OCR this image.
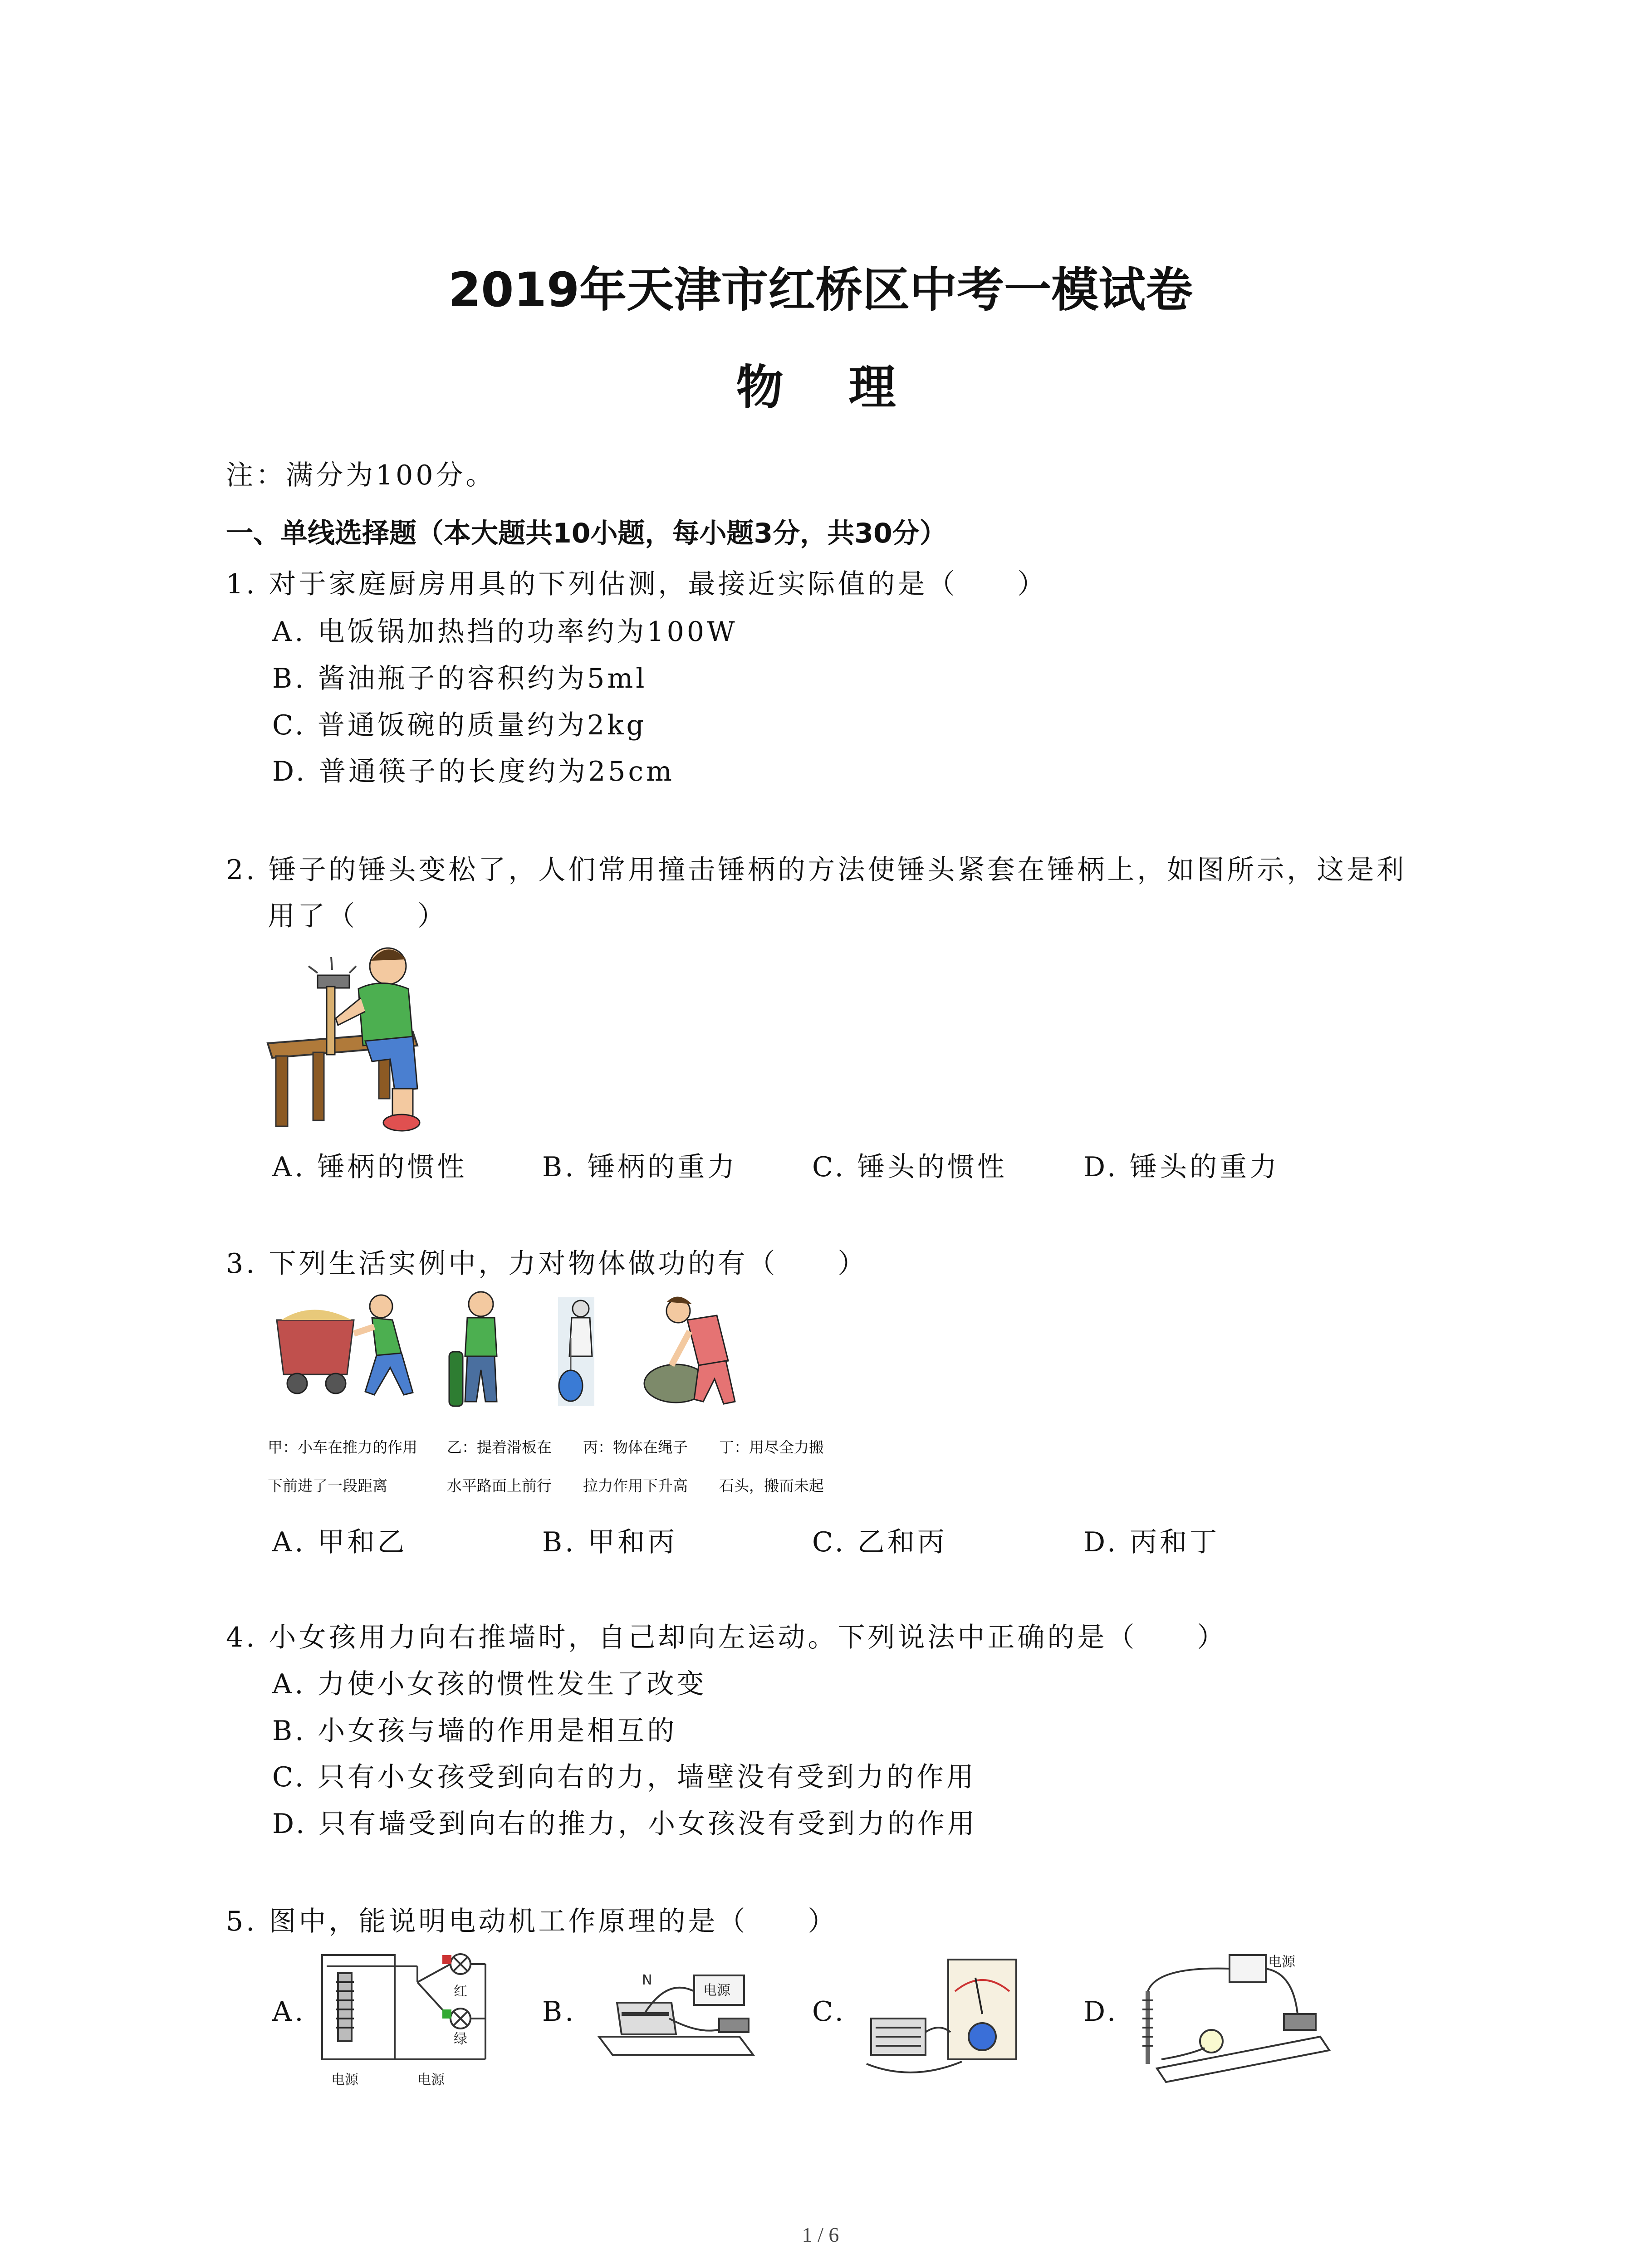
2019年天津市红桥区中考一模试卷
物　理
注：满分为100分。
一、单线选择题（本大题共10小题，每小题3分，共30分）
1. 对于家庭厨房用具的下列估测，最接近实际值的是（　　）
A. 电饭锅加热挡的功率约为100W
B. 酱油瓶子的容积约为5ml
C. 普通饭碗的质量约为2kg
D. 普通筷子的长度约为25cm
2. 锤子的锤头变松了，人们常用撞击锤柄的方法使锤头紧套在锤柄上，如图所示，这是利
用了（　　）
A. 锤柄的惯性	B. 锤柄的重力	C. 锤头的惯性	D. 锤头的重力
3. 下列生活实例中，力对物体做功的有（　　）
甲：小车在推力的作用
下前进了一段距离
乙：提着滑板在
水平路面上前行
丙：物体在绳子
拉力作用下升高
丁：用尽全力搬
石头，搬而未起
A. 甲和乙	B. 甲和丙	C. 乙和丙	D. 丙和丁
4. 小女孩用力向右推墙时，自己却向左运动。下列说法中正确的是（　　）
A. 力使小女孩的惯性发生了改变
B. 小女孩与墙的作用是相互的
C. 只有小女孩受到向右的力，墙壁没有受到力的作用
D. 只有墙受到向右的推力，小女孩没有受到力的作用
5. 图中，能说明电动机工作原理的是（　　）
A.	B.	C.	D.
红
绿
电源	电源
N
电源
电源
1 / 6
